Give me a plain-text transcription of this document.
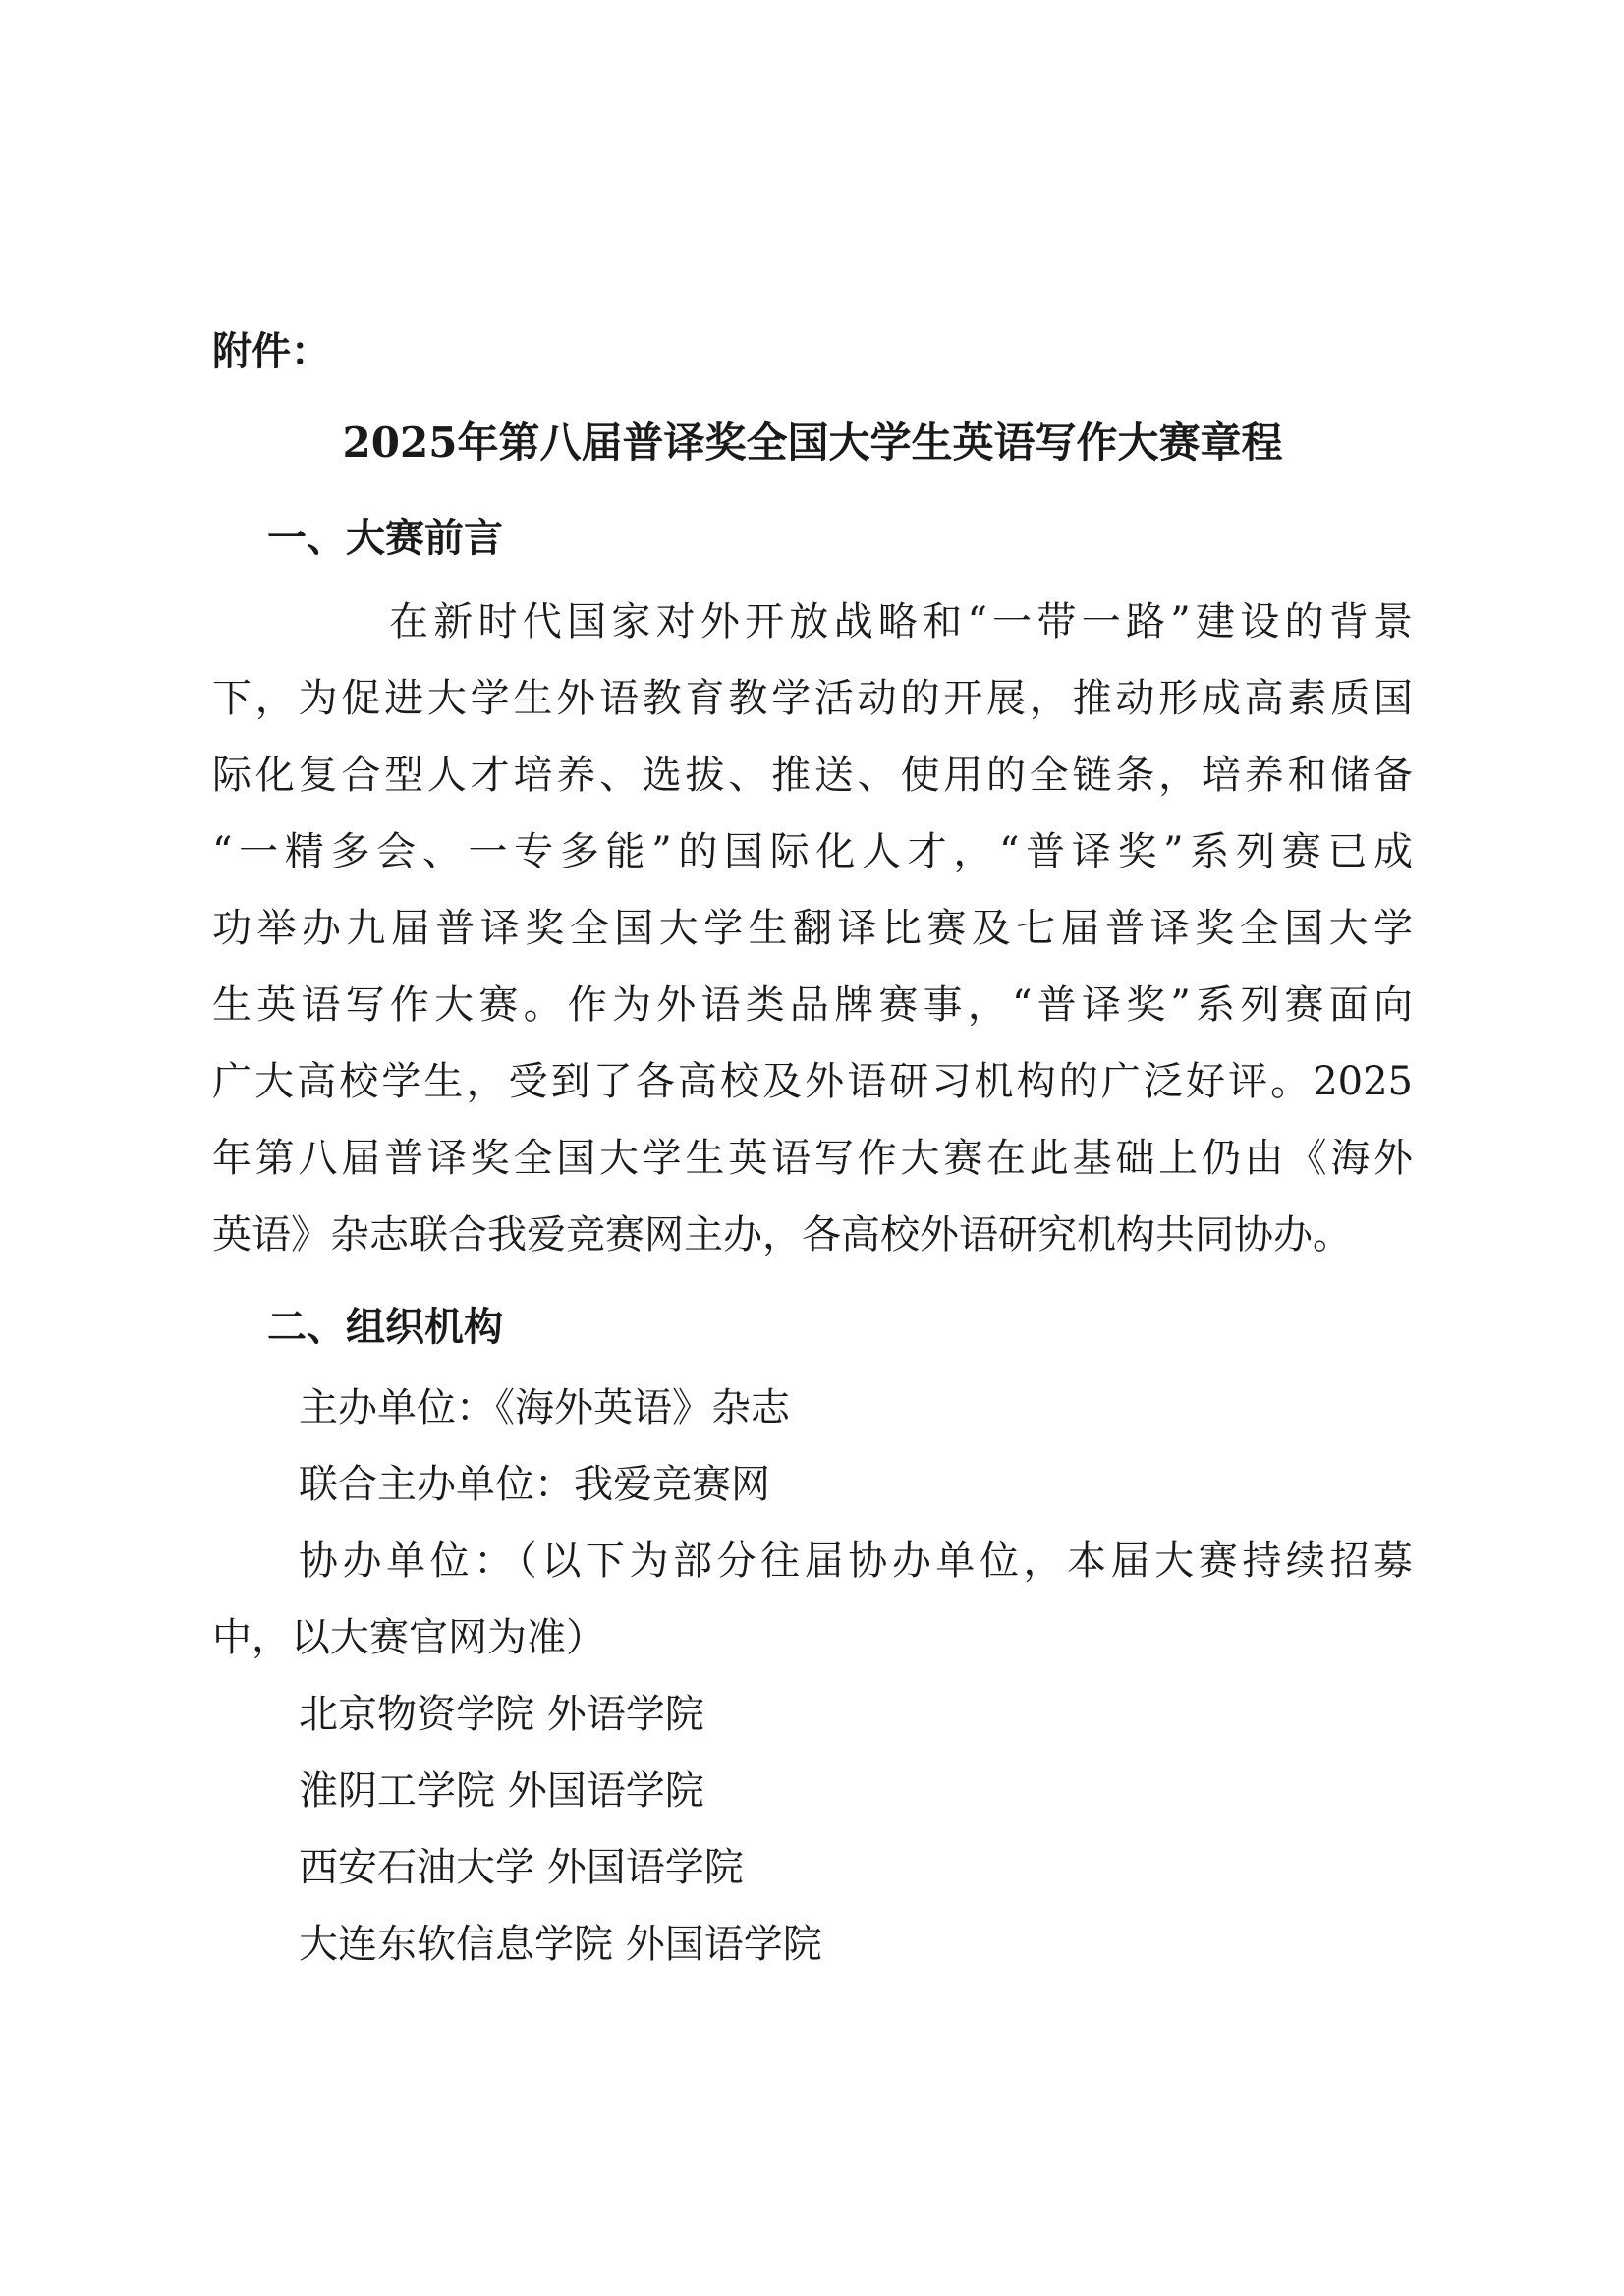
附件：

2025年第八届普译奖全国大学生英语写作大赛章程
一、大赛前言
在新时代国家对外开放战略和“一带一路”建设的背景
下，为促进大学生外语教育教学活动的开展，推动形成高素质国
际化复合型人才培养、选拔、推送、使用的全链条，培养和储备
“一精多会、一专多能”的国际化人才，“普译奖”系列赛已成
功举办九届普译奖全国大学生翻译比赛及七届普译奖全国大学
生英语写作大赛。作为外语类品牌赛事，“普译奖”系列赛面向
广大高校学生，受到了各高校及外语研习机构的广泛好评。2025
年第八届普译奖全国大学生英语写作大赛在此基础上仍由《海外
英语》杂志联合我爱竞赛网主办，各高校外语研究机构共同协办。
二、组织机构

主办单位：《海外英语》杂志

联合主办单位：我爱竞赛网

协办单位：（以下为部分往届协办单位，本届大赛持续招募

中，以大赛官网为准）

北京物资学院 外语学院

淮阴工学院 外国语学院

西安石油大学 外国语学院

大连东软信息学院 外国语学院
